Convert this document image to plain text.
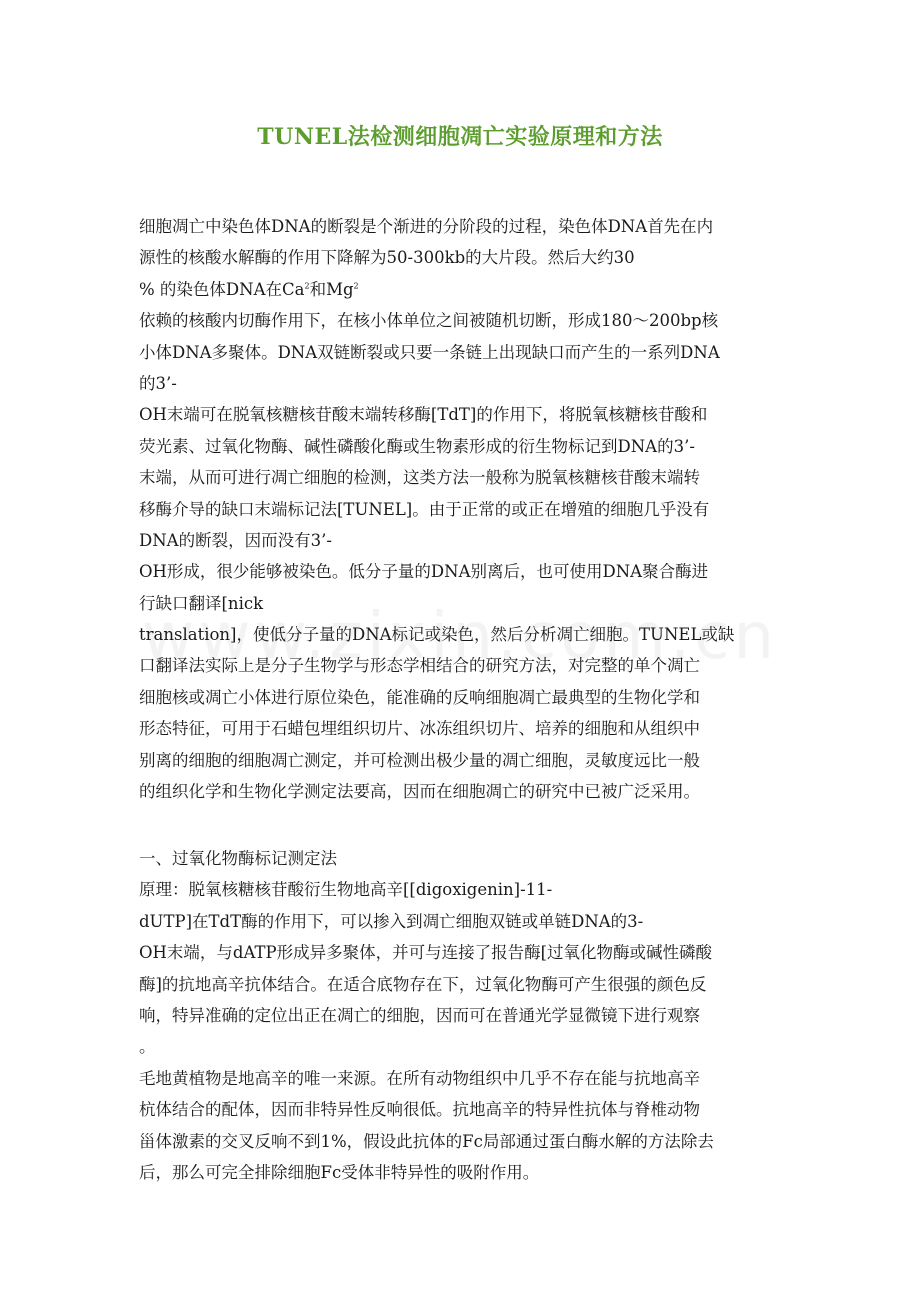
TUNEL法检测细胞凋亡实验原理和方法
细胞凋亡中染色体DNA的断裂是个渐进的分阶段的过程，染色体DNA首先在内
源性的核酸水解酶的作用下降解为50-300kb的大片段。然后大约30
% 的染色体DNA在Ca$^2$和Mg$^2$
依赖的核酸内切酶作用下，在核小体单位之间被随机切断，形成180～200bp核
小体DNA多聚体。DNA双链断裂或只要一条链上出现缺口而产生的一系列DNA
的3’-
OH末端可在脱氧核糖核苷酸末端转移酶[TdT]的作用下，将脱氧核糖核苷酸和
荧光素、过氧化物酶、碱性磷酸化酶或生物素形成的衍生物标记到DNA的3’-
末端，从而可进行凋亡细胞的检测，这类方法一般称为脱氧核糖核苷酸末端转
移酶介导的缺口末端标记法[TUNEL]。由于正常的或正在增殖的细胞几乎没有
DNA的断裂，因而没有3’-
OH形成，很少能够被染色。低分子量的DNA别离后，也可使用DNA聚合酶进
行缺口翻译[nick
translation]，使低分子量的DNA标记或染色，然后分析凋亡细胞。TUNEL或缺
口翻译法实际上是分子生物学与形态学相结合的研究方法，对完整的单个凋亡
细胞核或凋亡小体进行原位染色，能准确的反响细胞凋亡最典型的生物化学和
形态特征，可用于石蜡包埋组织切片、冰冻组织切片、培养的细胞和从组织中
别离的细胞的细胞凋亡测定，并可检测出极少量的凋亡细胞，灵敏度远比一般
的组织化学和生物化学测定法要高，因而在细胞凋亡的研究中已被广泛采用。
一、过氧化物酶标记测定法
原理：脱氧核糖核苷酸衍生物地高辛[[digoxigenin]-11-
dUTP]在TdT酶的作用下，可以掺入到凋亡细胞双链或单链DNA的3-
OH末端，与dATP形成异多聚体，并可与连接了报告酶[过氧化物酶或碱性磷酸
酶]的抗地高辛抗体结合。在适合底物存在下，过氧化物酶可产生很强的颜色反
响，特异准确的定位出正在凋亡的细胞，因而可在普通光学显微镜下进行观察
。
毛地黄植物是地高辛的唯一来源。在所有动物组织中几乎不存在能与抗地高辛
杭体结合的配体，因而非特异性反响很低。抗地高辛的特异性抗体与脊椎动物
甾体激素的交叉反响不到1%，假设此抗体的Fc局部通过蛋白酶水解的方法除去
后，那么可完全排除细胞Fc受体非特异性的吸附作用。
